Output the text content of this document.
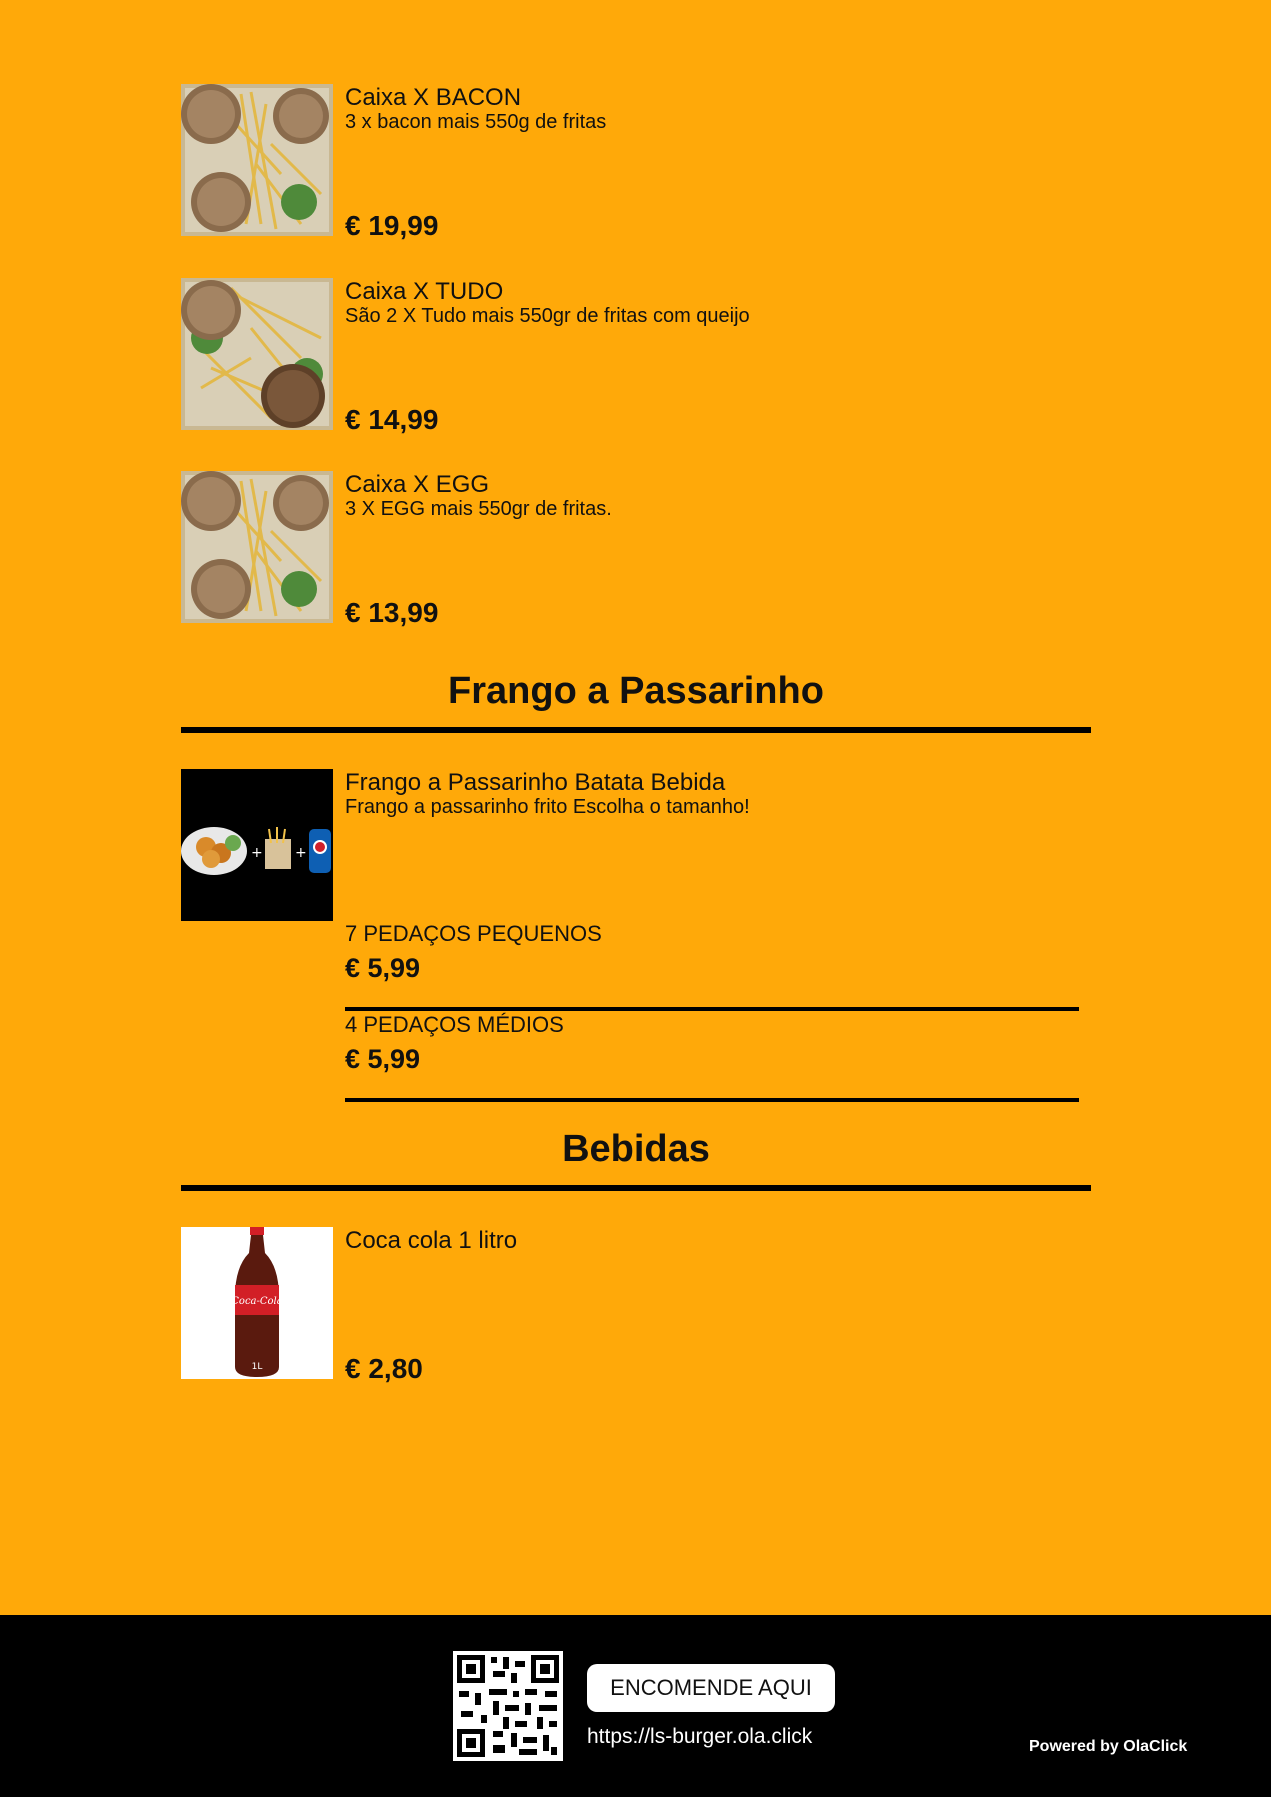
Caixa X BACON
3 x bacon mais 550g de fritas
€ 19,99
Caixa X TUDO
São 2 X Tudo mais 550gr de fritas com queijo
€ 14,99
Caixa X EGG
3 X EGG mais 550gr de fritas.
€ 13,99
Frango a Passarinho
+ +
Frango a Passarinho Batata Bebida
Frango a passarinho frito Escolha o tamanho!
7 PEDAÇOS PEQUENOS
€ 5,99
4 PEDAÇOS MÉDIOS
€ 5,99
Bebidas
Coca-Cola
1L
Coca cola 1 litro
€ 2,80
ENCOMENDE AQUI
https://ls-burger.ola.click	Powered by OlaClick
